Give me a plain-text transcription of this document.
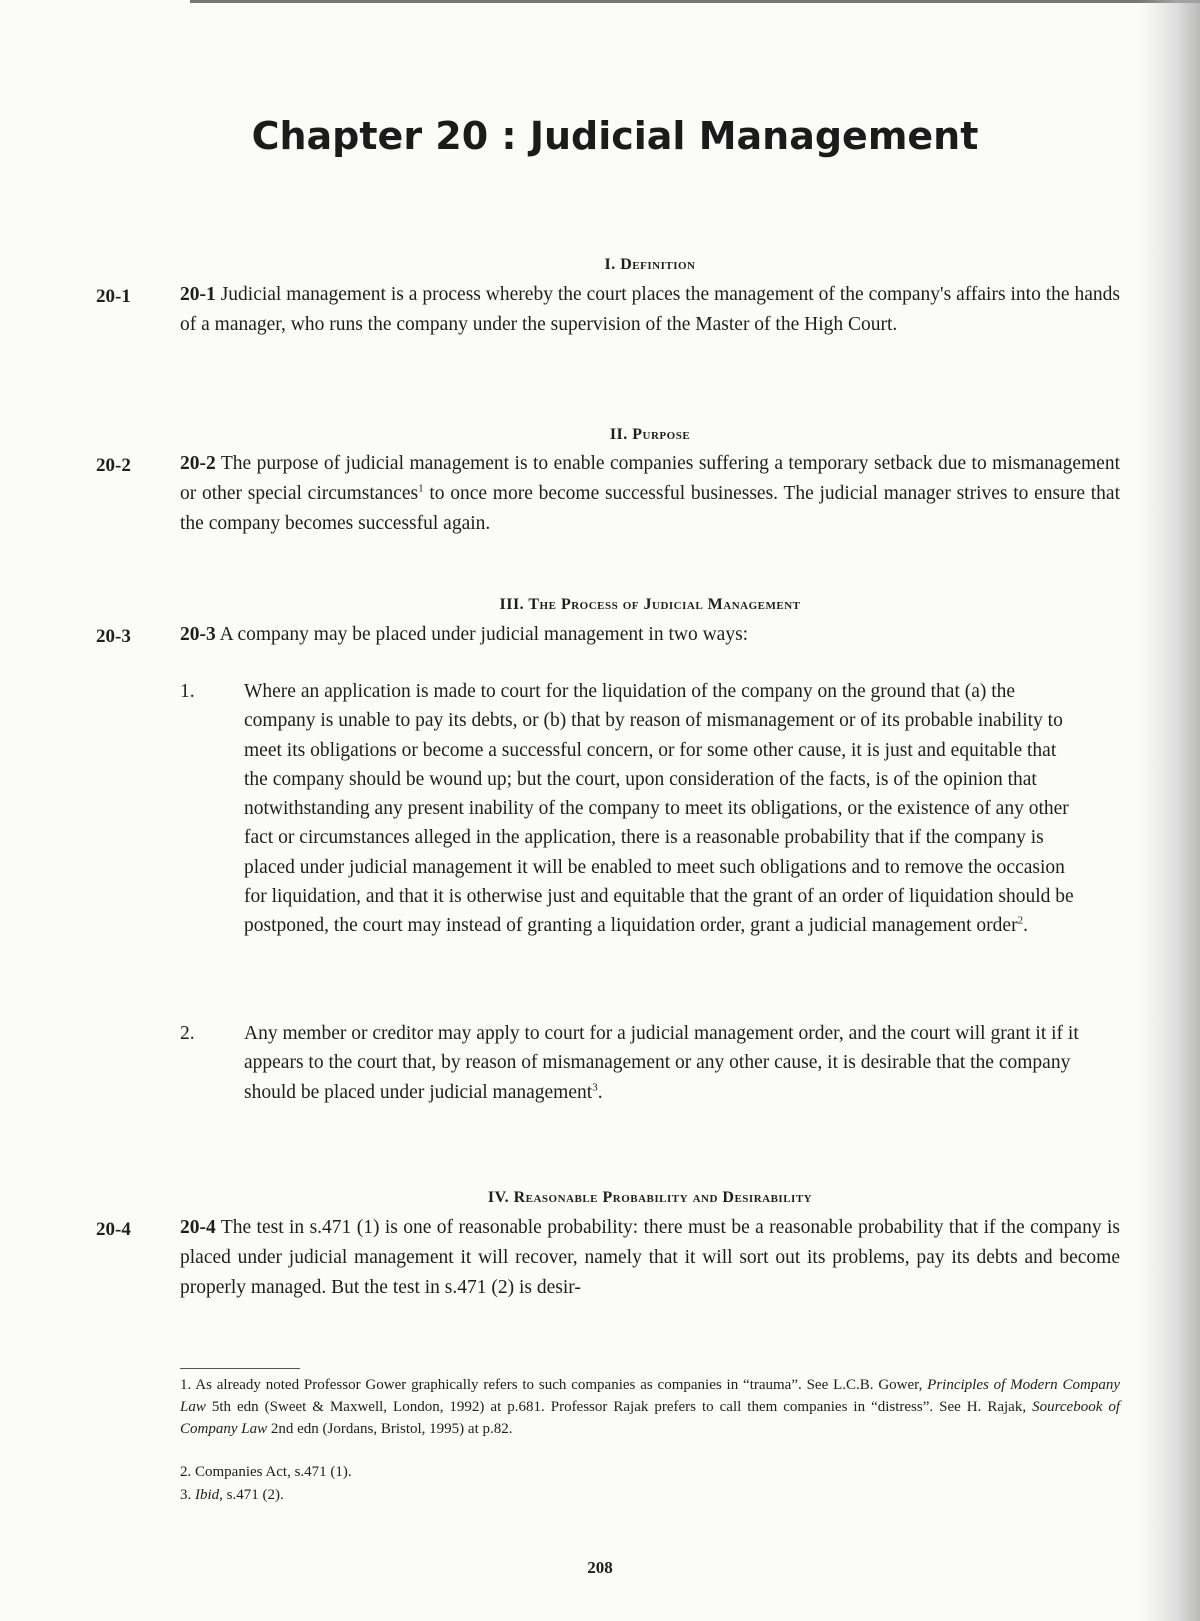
Chapter 20 : Judicial Management
I. Definition
20-1	20-1 Judicial management is a process whereby the court places the management of the company's affairs into the hands of a manager, who runs the company under the supervision of the Master of the High Court.

II. Purpose
20-2	20-2 The purpose of judicial management is to enable companies suffering a temporary setback due to mismanagement or other special circumstances$^1$ to once more become successful businesses. The judicial manager strives to ensure that the company becomes successful again.

III. The Process of Judicial Management
20-3	20-3 A company may be placed under judicial management in two ways:

1.	Where an application is made to court for the liquidation of the company on the ground that (a) the company is unable to pay its debts, or (b) that by reason of mismanagement or of its probable inability to meet its obligations or become a successful concern, or for some other cause, it is just and equitable that the company should be wound up; but the court, upon consideration of the facts, is of the opinion that notwithstanding any present inability of the company to meet its obligations, or the existence of any other fact or circumstances alleged in the application, there is a reasonable probability that if the company is placed under judicial management it will be enabled to meet such obligations and to remove the occasion for liquidation, and that it is otherwise just and equitable that the grant of an order of liquidation should be postponed, the court may instead of granting a liquidation order, grant a judicial management order$^2$.
2.	Any member or creditor may apply to court for a judicial management order, and the court will grant it if it appears to the court that, by reason of mismanagement or any other cause, it is desirable that the company should be placed under judicial management$^3$.
IV. Reasonable Probability and Desirability
20-4	20-4 The test in s.471 (1) is one of reasonable probability: there must be a reasonable probability that if the company is placed under judicial management it will recover, namely that it will sort out its problems, pay its debts and become properly managed. But the test in s.471 (2) is desir-

1. As already noted Professor Gower graphically refers to such companies as companies in “trauma”. See L.C.B. Gower, Principles of Modern Company Law 5th edn (Sweet & Maxwell, London, 1992) at p.681. Professor Rajak prefers to call them companies in “distress”. See H. Rajak, Sourcebook of Company Law 2nd edn (Jordans, Bristol, 1995) at p.82.

2. Companies Act, s.471 (1).

3. Ibid, s.471 (2).

208
